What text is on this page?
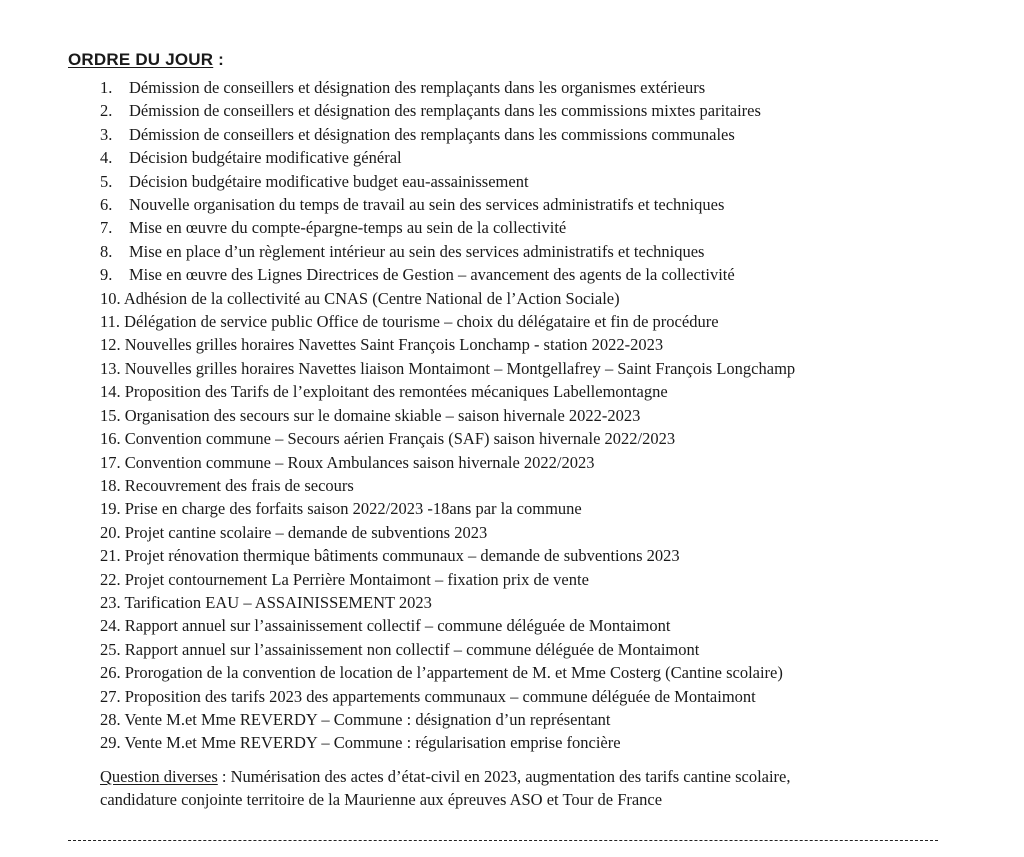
ORDRE DU JOUR :
1. Démission de conseillers et désignation des remplaçants dans les organismes extérieurs
2. Démission de conseillers et désignation des remplaçants dans les commissions mixtes paritaires
3. Démission de conseillers et désignation des remplaçants dans les commissions communales
4. Décision budgétaire modificative général
5. Décision budgétaire modificative budget eau-assainissement
6. Nouvelle organisation du temps de travail au sein des services administratifs et techniques
7. Mise en œuvre du compte-épargne-temps au sein de la collectivité
8. Mise en place d’un règlement intérieur au sein des services administratifs et techniques
9. Mise en œuvre des Lignes Directrices de Gestion – avancement des agents de la collectivité
10. Adhésion de la collectivité au CNAS (Centre National de l’Action Sociale)
11. Délégation de service public Office de tourisme – choix du délégataire et fin de procédure
12. Nouvelles grilles horaires Navettes Saint François Lonchamp - station 2022-2023
13. Nouvelles grilles horaires Navettes liaison Montaimont – Montgellafrey – Saint François Longchamp
14. Proposition des Tarifs de l’exploitant des remontées mécaniques Labellemontagne
15. Organisation des secours sur le domaine skiable – saison hivernale 2022-2023
16. Convention commune – Secours aérien Français (SAF) saison hivernale 2022/2023
17. Convention commune – Roux Ambulances saison hivernale 2022/2023
18. Recouvrement des frais de secours
19. Prise en charge des forfaits saison 2022/2023 -18ans par la commune
20. Projet cantine scolaire – demande de subventions 2023
21. Projet rénovation thermique bâtiments communaux – demande de subventions 2023
22. Projet contournement La Perrière Montaimont – fixation prix de vente
23. Tarification EAU – ASSAINISSEMENT 2023
24. Rapport annuel sur l’assainissement collectif – commune déléguée de Montaimont
25. Rapport annuel sur l’assainissement non collectif – commune déléguée de Montaimont
26. Prorogation de la convention de location de l’appartement de M. et Mme Costerg (Cantine scolaire)
27. Proposition des tarifs 2023 des appartements communaux – commune déléguée de Montaimont
28. Vente M.et Mme REVERDY – Commune : désignation d’un représentant
29. Vente M.et Mme REVERDY – Commune : régularisation emprise foncière
Question diverses : Numérisation des actes d’état-civil en 2023, augmentation des tarifs cantine scolaire,
candidature conjointe territoire de la Maurienne aux épreuves ASO et Tour de France
